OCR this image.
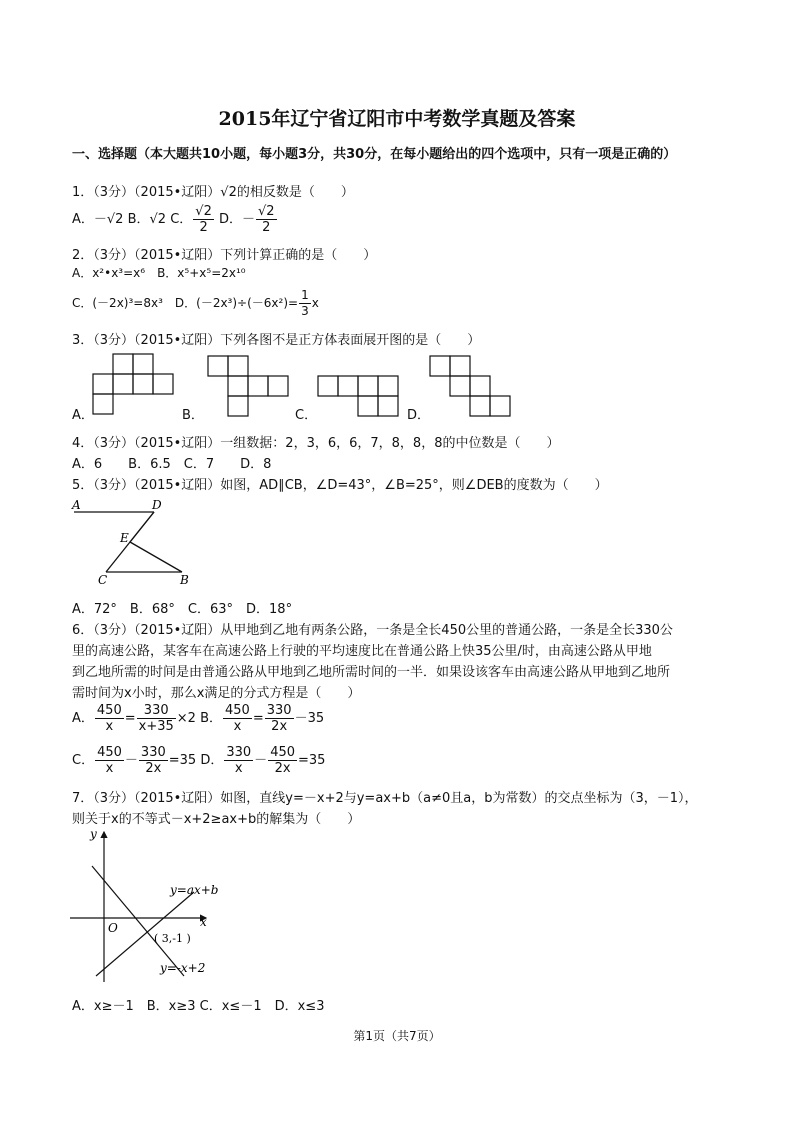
2015年辽宁省辽阳市中考数学真题及答案
一、选择题（本大题共10小题，每小题3分，共30分，在每小题给出的四个选项中，只有一项是正确的）
1．（3分）（2015•辽阳）√2的相反数是（　　）
A．－√2 B．√2 C． $\frac{√2}{2}$ D．－ $\frac{√2}{2}$
2．（3分）（2015•辽阳）下列计算正确的是（　　）
A．x²•x³=x⁶　B．x⁵+x⁵=2x¹⁰
C．(－2x)³=8x³　D．$(-2x^3)\div(-6x^2)= \frac{1}{3}$ x
3．（3分）（2015•辽阳）下列各图不是正方体表面展开图的是（　　）
A．	B．	C．	D．
4．（3分）（2015•辽阳）一组数据：2，3，6，6，7，8，8，8的中位数是（　　）
A．6　　B．6.5　C．7　　D．8
5．（3分）（2015•辽阳）如图，AD∥CB，∠D=43°，∠B=25°，则∠DEB的度数为（　　）
A	D
E
C	B
A．72°　B．68°　C．63°　D．18°
6．（3分）（2015•辽阳）从甲地到乙地有两条公路，一条是全长450公里的普通公路，一条是全长330公
里的高速公路，某客车在高速公路上行驶的平均速度比在普通公路上快35公里/时，由高速公路从甲地
到乙地所需的时间是由普通公路从甲地到乙地所需时间的一半．如果设该客车由高速公路从甲地到乙地所
需时间为x小时，那么x满足的分式方程是（　　）
A． $\frac{450}{x} = \frac{330}{x+35} \times 2$ B． $\frac{450}{x} = \frac{330}{2x} -35$
C． $\frac{450}{x} - \frac{330}{2x} =35$ D． $\frac{330}{x} - \frac{450}{2x} =35$
7．（3分）（2015•辽阳）如图，直线y=－x+2与y=ax+b（a≠0且a，b为常数）的交点坐标为（3，－1），
则关于x的不等式－x+2≥ax+b的解集为（　　）
y
x
O
y=ax+b
( 3,-1 )
y=-x+2
A．x≥－1　B．x≥3 C．x≤－1　D．x≤3
第1页（共7页）
